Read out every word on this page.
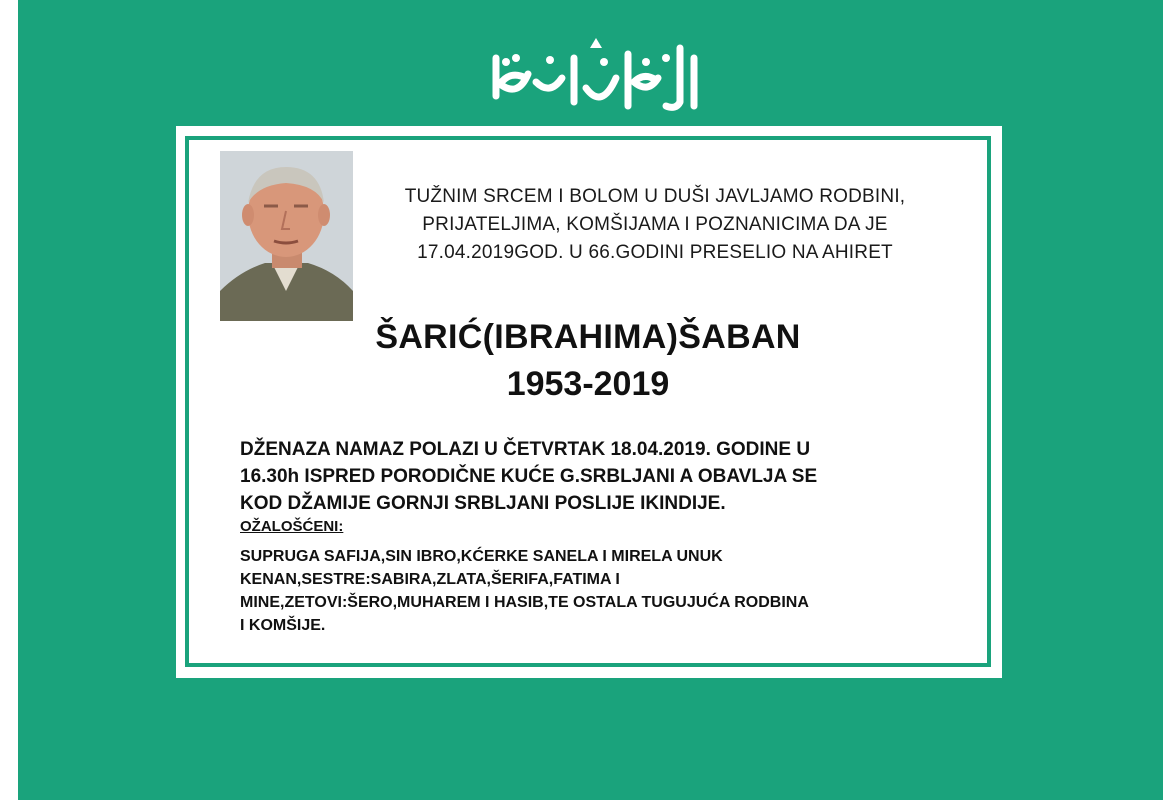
TUŽNIM SRCEM I BOLOM U DUŠI JAVLJAMO RODBINI,
PRIJATELJIMA, KOMŠIJAMA I POZNANICIMA DA JE
17.04.2019GOD. U 66.GODINI PRESELIO NA AHIRET
ŠARIĆ(IBRAHIMA)ŠABAN
1953-2019
DŽENAZA NAMAZ POLAZI U ČETVRTAK 18.04.2019. GODINE U
16.30h ISPRED PORODIČNE KUĆE G.SRBLJANI A OBAVLJA SE
KOD DŽAMIJE GORNJI SRBLJANI POSLIJE IKINDIJE.
OŽALOŠĆENI:
SUPRUGA SAFIJA,SIN IBRO,KĆERKE SANELA I MIRELA UNUK
KENAN,SESTRE:SABIRA,ZLATA,ŠERIFA,FATIMA I
MINE,ZETOVI:ŠERO,MUHAREM I HASIB,TE OSTALA TUGUJUĆA RODBINA
I KOMŠIJE.
